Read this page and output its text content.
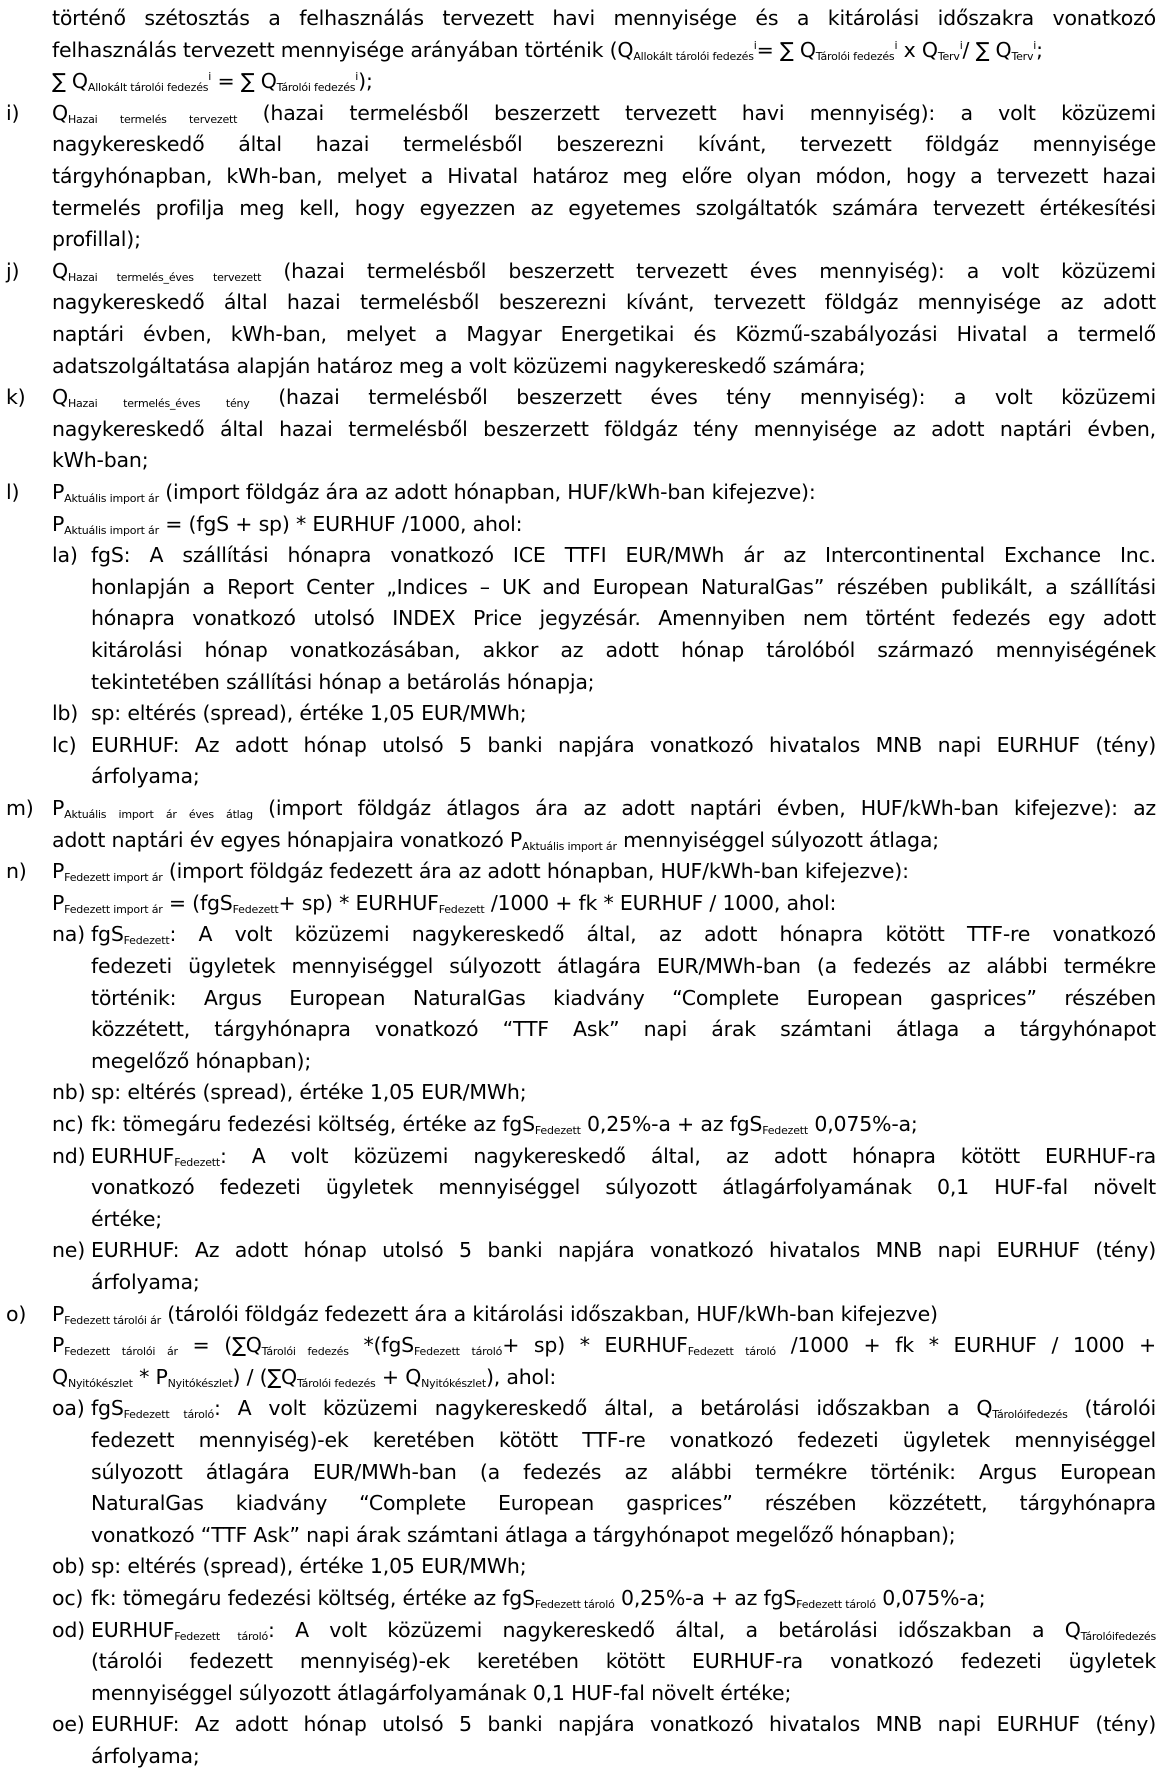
történő szétosztás a felhasználás tervezett havi mennyisége és a kitárolási időszakra vonatkozó
felhasználás tervezett mennyisége arányában történik ($Q_{Allokált tárolói fedezés}^i=$ ∑ $Q_{Tárolói fedezés}^i$ x $Q_{Terv}^i/$ ∑ $Q_{Terv}^i$;
∑ $Q_{Allokált tárolói fedezés}^i$ = ∑ $Q_{Tárolói fedezés}^i$);
i) $Q_{Hazai termelés tervezett}$ (hazai termelésből beszerzett tervezett havi mennyiség): a volt közüzemi
nagykereskedő által hazai termelésből beszerezni kívánt, tervezett földgáz mennyisége
tárgyhónapban, kWh-ban, melyet a Hivatal határoz meg előre olyan módon, hogy a tervezett hazai
termelés profilja meg kell, hogy egyezzen az egyetemes szolgáltatók számára tervezett értékesítési
profillal);
j) $Q_{Hazai termelés\_éves tervezett}$ (hazai termelésből beszerzett tervezett éves mennyiség): a volt közüzemi
nagykereskedő által hazai termelésből beszerezni kívánt, tervezett földgáz mennyisége az adott
naptári évben, kWh-ban, melyet a Magyar Energetikai és Közmű-szabályozási Hivatal a termelő
adatszolgáltatása alapján határoz meg a volt közüzemi nagykereskedő számára;
k) $Q_{Hazai termelés\_éves tény}$ (hazai termelésből beszerzett éves tény mennyiség): a volt közüzemi
nagykereskedő által hazai termelésből beszerzett földgáz tény mennyisége az adott naptári évben,
kWh-ban;
l) $P_{Aktuális import ár}$ (import földgáz ára az adott hónapban, HUF/kWh-ban kifejezve):
$P_{Aktuális import ár} = (fgS + sp)$ * EURHUF /1000, ahol:
la) fgS: A szállítási hónapra vonatkozó ICE TTFI EUR/MWh ár az Intercontinental Exchance Inc.
honlapján a Report Center „Indices – UK and European NaturalGas” részében publikált, a szállítási
hónapra vonatkozó utolsó INDEX Price jegyzésár. Amennyiben nem történt fedezés egy adott
kitárolási hónap vonatkozásában, akkor az adott hónap tárolóból származó mennyiségének
tekintetében szállítási hónap a betárolás hónapja;
lb) sp: eltérés (spread), értéke 1,05 EUR/MWh;
lc) EURHUF: Az adott hónap utolsó 5 banki napjára vonatkozó hivatalos MNB napi EURHUF (tény)
árfolyama;
m) $P_{Aktuális import ár éves átlag}$ (import földgáz átlagos ára az adott naptári évben, HUF/kWh-ban kifejezve): az
adott naptári év egyes hónapjaira vonatkozó $P_{Aktuális import ár}$ mennyiséggel súlyozott átlaga;
n) $P_{Fedezett import ár}$ (import földgáz fedezett ára az adott hónapban, HUF/kWh-ban kifejezve):
$P_{Fedezett import ár} = (fgS_{Fedezett}+ sp)$ * $EURHUF_{Fedezett}$ /1000 + fk * EURHUF / 1000, ahol:
na) fgS$_{Fedezett}$: A volt közüzemi nagykereskedő által, az adott hónapra kötött TTF-re vonatkozó
fedezeti ügyletek mennyiséggel súlyozott átlagára EUR/MWh-ban (a fedezés az alábbi termékre
történik: Argus European NaturalGas kiadvány “Complete European gasprices” részében
közzétett, tárgyhónapra vonatkozó “TTF Ask” napi árak számtani átlaga a tárgyhónapot
megelőző hónapban);
nb) sp: eltérés (spread), értéke 1,05 EUR/MWh;
nc) fk: tömegáru fedezési költség, értéke az fgS$_{Fedezett}$ 0,25%-a + az fgS$_{Fedezett}$ 0,075%-a;
nd) $EURHUF_{Fedezett}$: A volt közüzemi nagykereskedő által, az adott hónapra kötött EURHUF-ra
vonatkozó fedezeti ügyletek mennyiséggel súlyozott átlagárfolyamának 0,1 HUF-fal növelt
értéke;
ne) EURHUF: Az adott hónap utolsó 5 banki napjára vonatkozó hivatalos MNB napi EURHUF (tény)
árfolyama;
o) $P_{Fedezett tárolói ár}$ (tárolói földgáz fedezett ára a kitárolási időszakban, HUF/kWh-ban kifejezve)
$P_{Fedezett tárolói ár} = (\sum Q_{Tárolói fedezés}$ $*(fgS_{Fedezett tároló}+ sp) * EURHUF_{Fedezett tároló}$ /1000 + fk * EURHUF / 1000 +
$Q_{Nyitókészlet} * P_{Nyitókészlet}) / (\sum Q_{Tárolói fedezés} + Q_{Nyitókészlet})$, ahol:
oa) fgS$_{Fedezett tároló}$: A volt közüzemi nagykereskedő által, a betárolási időszakban a $Q_{Tárolóifedezés}$ (tárolói
fedezett mennyiség)-ek keretében kötött TTF-re vonatkozó fedezeti ügyletek mennyiséggel
súlyozott átlagára EUR/MWh-ban (a fedezés az alábbi termékre történik: Argus European
NaturalGas kiadvány “Complete European gasprices” részében közzétett, tárgyhónapra
vonatkozó “TTF Ask” napi árak számtani átlaga a tárgyhónapot megelőző hónapban);
ob) sp: eltérés (spread), értéke 1,05 EUR/MWh;
oc) fk: tömegáru fedezési költség, értéke az fgS$_{Fedezett tároló}$ 0,25%-a + az fgS$_{Fedezett tároló}$ 0,075%-a;
od) $EURHUF_{Fedezett tároló}$: A volt közüzemi nagykereskedő által, a betárolási időszakban a $Q_{Tárolóifedezés}$
(tárolói fedezett mennyiség)-ek keretében kötött EURHUF-ra vonatkozó fedezeti ügyletek
mennyiséggel súlyozott átlagárfolyamának 0,1 HUF-fal növelt értéke;
oe) EURHUF: Az adott hónap utolsó 5 banki napjára vonatkozó hivatalos MNB napi EURHUF (tény)
árfolyama;
